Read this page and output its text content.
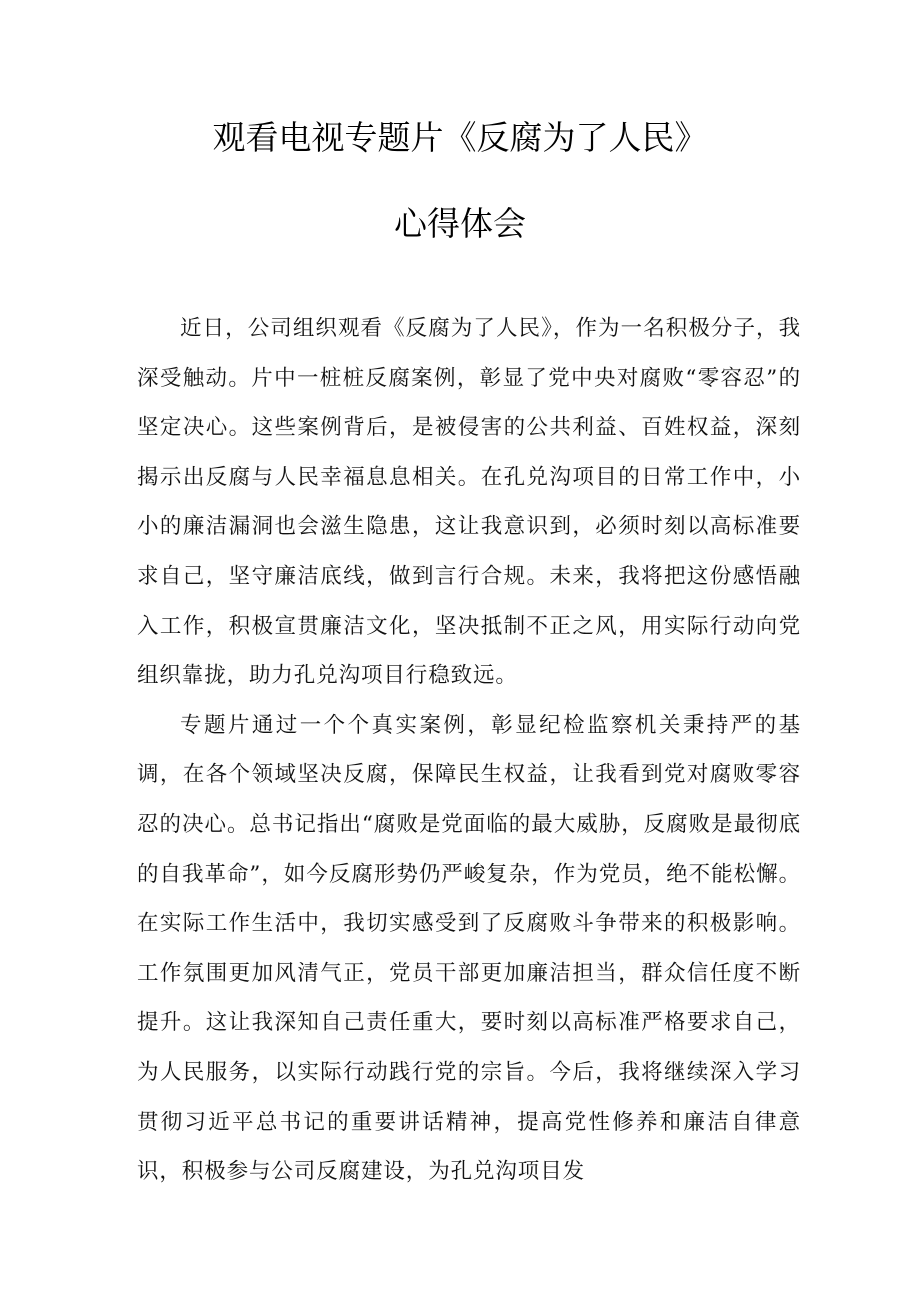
观看电视专题片《反腐为了人民》
心得体会

近日，公司组织观看《反腐为了人民》，作为一名积极分子，我深受触动。片中一桩桩反腐案例，彰显了党中央对腐败“零容忍”的坚定决心。这些案例背后，是被侵害的公共利益、百姓权益，深刻揭示出反腐与人民幸福息息相关。在孔兑沟项目的日常工作中，小小的廉洁漏洞也会滋生隐患，这让我意识到，必须时刻以高标准要求自己，坚守廉洁底线，做到言行合规。未来，我将把这份感悟融入工作，积极宣贯廉洁文化，坚决抵制不正之风，用实际行动向党组织靠拢，助力孔兑沟项目行稳致远。

专题片通过一个个真实案例，彰显纪检监察机关秉持严的基调，在各个领域坚决反腐，保障民生权益，让我看到党对腐败零容忍的决心。总书记指出“腐败是党面临的最大威胁，反腐败是最彻底的自我革命”，如今反腐形势仍严峻复杂，作为党员，绝不能松懈。在实际工作生活中，我切实感受到了反腐败斗争带来的积极影响。工作氛围更加风清气正，党员干部更加廉洁担当，群众信任度不断提升。这让我深知自己责任重大，要时刻以高标准严格要求自己，为人民服务，以实际行动践行党的宗旨。今后，我将继续深入学习贯彻习近平总书记的重要讲话精神，提高党性修养和廉洁自律意识，积极参与公司反腐建设，为孔兑沟项目发
